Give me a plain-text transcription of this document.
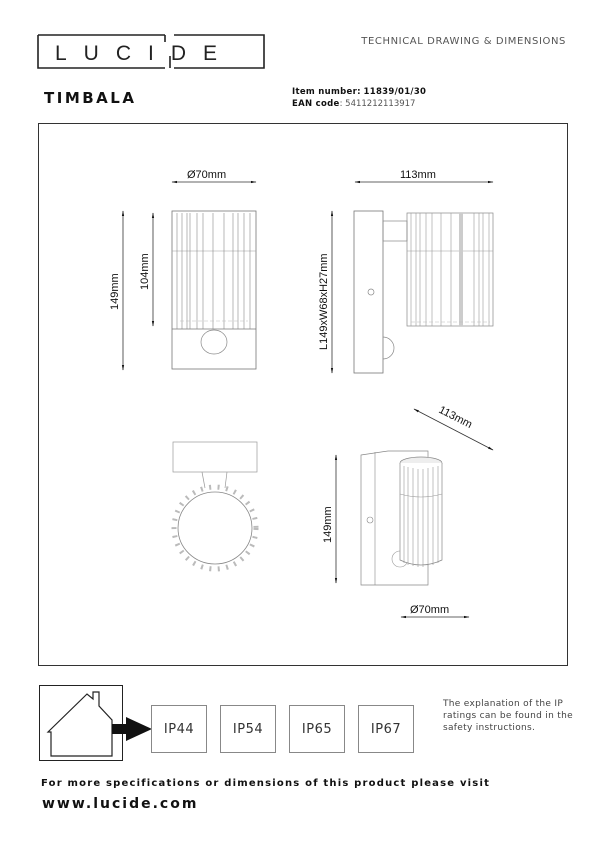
LUCIDE
TECHNICAL DRAWING & DIMENSIONS
TIMBALA	Item number: 11839/01/30
EAN code: 5411212113917
Ø70mm
149mm
104mm
113mm
L149xW68xH27mm
113mm
149mm
Ø70mm
IP44	IP54	IP65	IP67
The explanation of the IP ratings can be found in the safety instructions.
For more specifications or dimensions of this product please visit
www.lucide.com
